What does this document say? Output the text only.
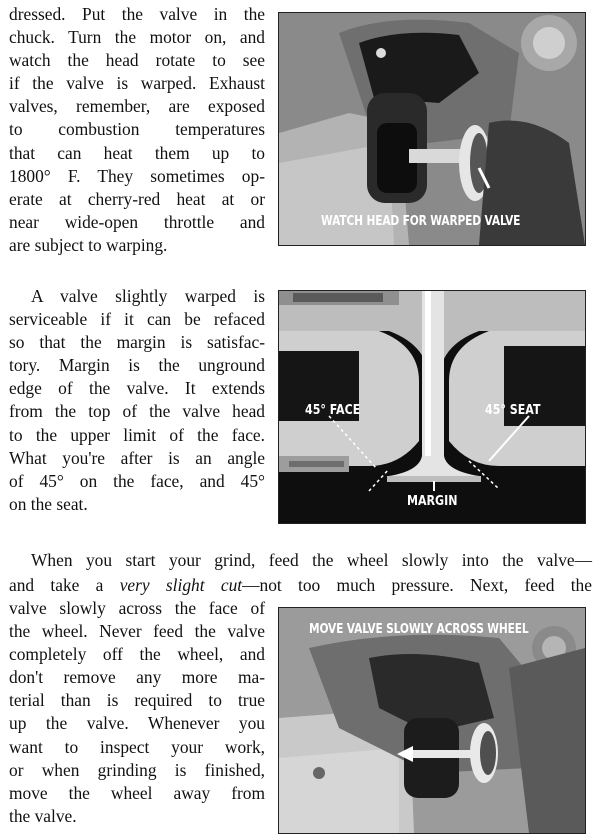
dressed. Put the valve in the
chuck. Turn the motor on, and
watch the head rotate to see
if the valve is warped. Exhaust
valves, remember, are exposed
to combustion temperatures
that can heat them up to
1800° F. They sometimes op-
erate at cherry-red heat at or
near wide-open throttle and
are subject to warping.
A valve slightly warped is
serviceable if it can be refaced
so that the margin is satisfac-
tory. Margin is the unground
edge of the valve. It extends
from the top of the valve head
to the upper limit of the face.
What you're after is an angle
of 45° on the face, and 45°
on the seat.
When you start your grind, feed the wheel slowly into the valve—
and take a very slight cut—not too much pressure. Next, feed the
valve slowly across the face of
the wheel. Never feed the valve
completely off the wheel, and
don't remove any more ma-
terial than is required to true
up the valve. Whenever you
want to inspect your work,
or when grinding is finished,
move the wheel away from
the valve.
WATCH HEAD FOR WARPED VALVE
45° FACE	45° SEAT
MARGIN
MOVE VALVE SLOWLY ACROSS WHEEL
